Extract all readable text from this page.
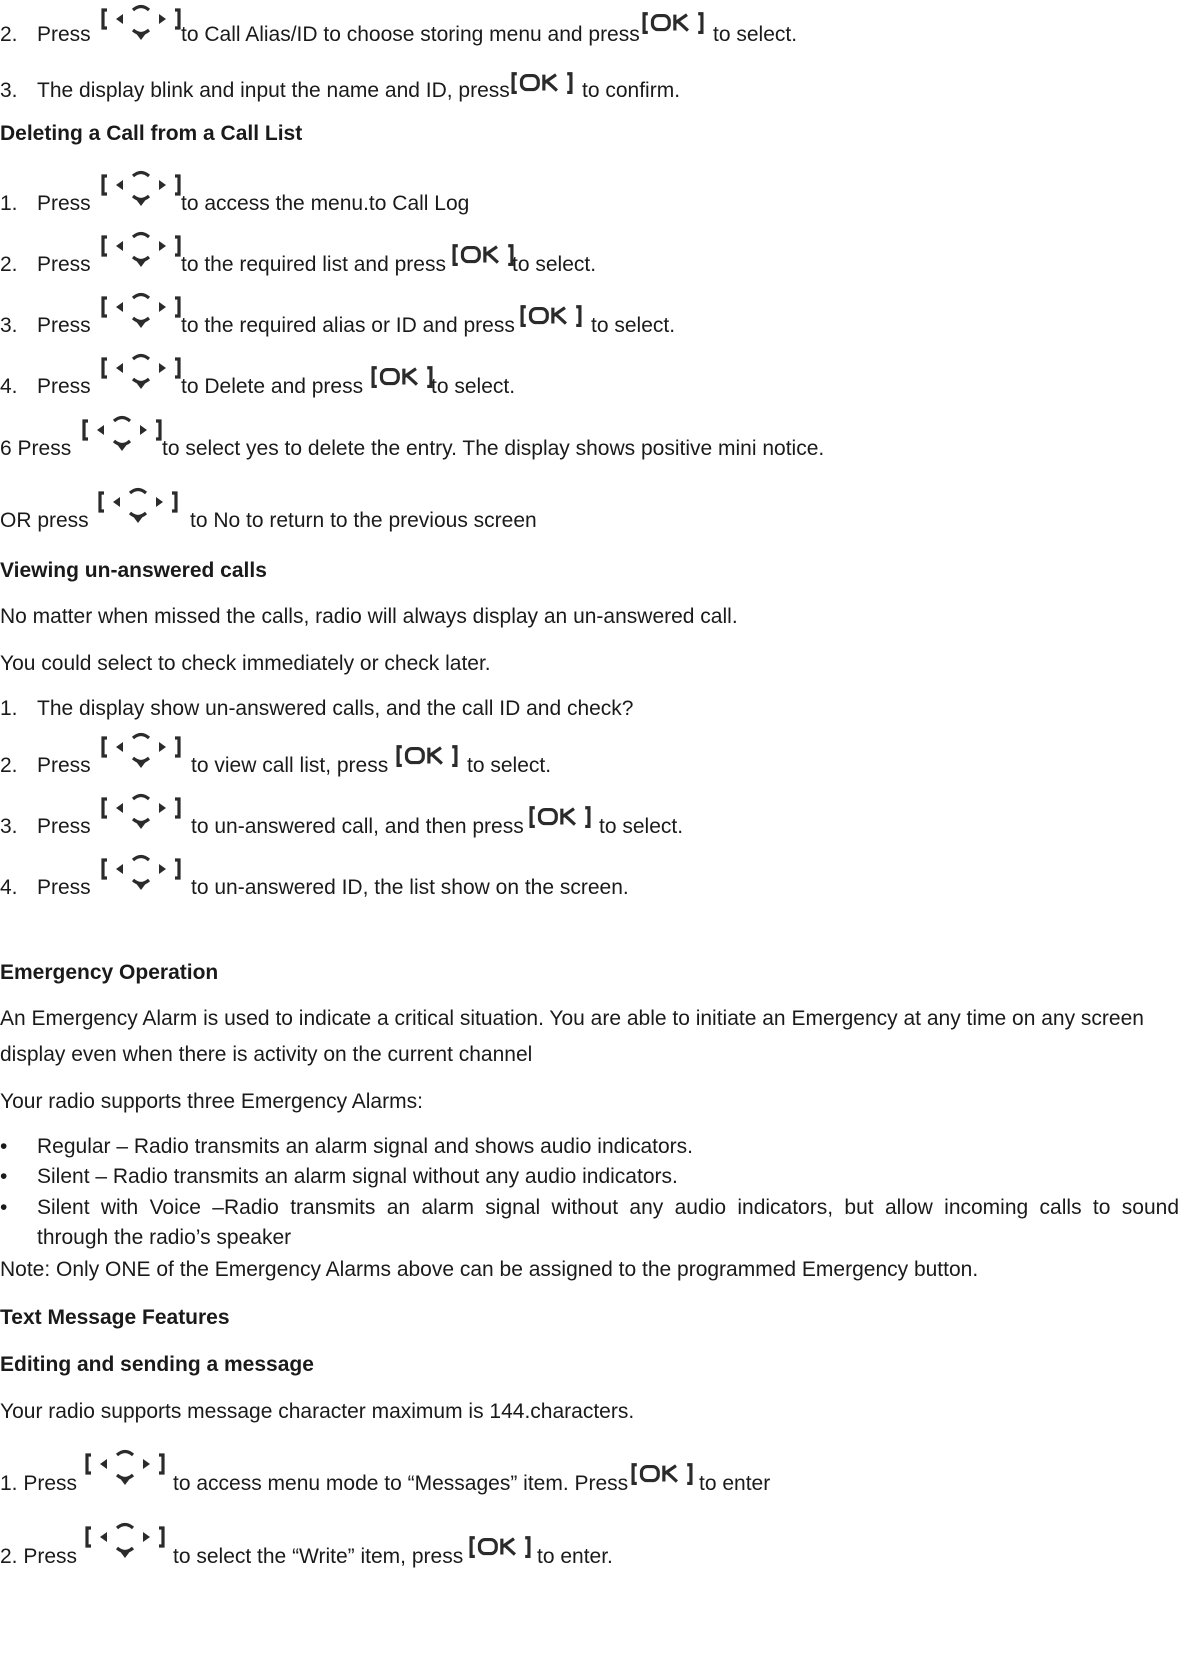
2. Press	to Call Alias/ID to choose storing menu and press	to select.
3. The display blink and input the name and ID, press	to confirm.
Deleting a Call from a Call List
1. Press	to access the menu.to Call Log
2. Press	to the required list and press	to select.
3. Press	to the required alias or ID and press	to select.
4. Press	to Delete and press	to select.
6 Press	to select yes to delete the entry. The display shows positive mini notice.
OR press	to No to return to the previous screen
Viewing un-answered calls
No matter when missed the calls, radio will always display an un-answered call.
You could select to check immediately or check later.
1. The display show un-answered calls, and the call ID and check?
2. Press	to view call list, press	to select.
3. Press	to un-answered call, and then press	to select.
4. Press	to un-answered ID, the list show on the screen.
Emergency Operation
An Emergency Alarm is used to indicate a critical situation. You are able to initiate an Emergency at any time on any screen
display even when there is activity on the current channel
Your radio supports three Emergency Alarms:
• Regular – Radio transmits an alarm signal and shows audio indicators.
• Silent – Radio transmits an alarm signal without any audio indicators.
• Silent with Voice –Radio transmits an alarm signal without any audio indicators, but allow incoming calls to sound
through the radio’s speaker
Note: Only ONE of the Emergency Alarms above can be assigned to the programmed Emergency button.
Text Message Features
Editing and sending a message
Your radio supports message character maximum is 144.characters.
1. Press	to access menu mode to “Messages” item. Press	to enter
2. Press	to select the “Write” item, press	to enter.
